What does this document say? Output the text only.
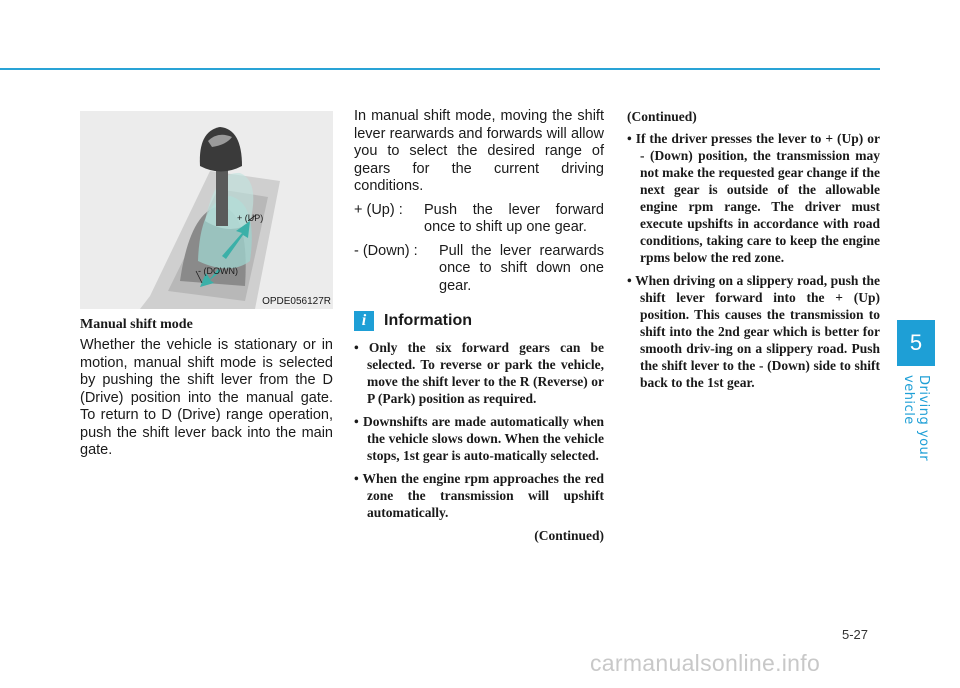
5
Driving your vehicle
+ (UP)
- (DOWN)
OPDE056127R
Manual shift mode

Whether the vehicle is stationary or in motion, manual shift mode is selected by pushing the shift lever from the D (Drive) position into the manual gate. To return to D (Drive) range operation, push the shift lever back into the main gate.

In manual shift mode, moving the shift lever rearwards and forwards will allow you to select the desired range of gears for the current driving conditions.

+ (Up) :	Push the lever forward once to shift up one gear.
- (Down) :	Pull the lever rearwards once to shift down one gear.
i	Information
• Only the six forward gears can be selected. To reverse or park the vehicle, move the shift lever to the R (Reverse) or P (Park) position as required.
• Downshifts are made automatically when the vehicle slows down. When the vehicle stops, 1st gear is auto-matically selected.
• When the engine rpm approaches the red zone the transmission will upshift automatically.
(Continued)
(Continued)
• If the driver presses the lever to + (Up) or - (Down) position, the transmission may not make the requested gear change if the next gear is outside of the allowable engine rpm range. The driver must execute upshifts in accordance with road conditions, taking care to keep the engine rpms below the red zone.
• When driving on a slippery road, push the shift lever forward into the + (Up) position. This causes the transmission to shift into the 2nd gear which is better for smooth driv-ing on a slippery road. Push the shift lever to the - (Down) side to shift back to the 1st gear.
5-27
carmanualsonline.info
